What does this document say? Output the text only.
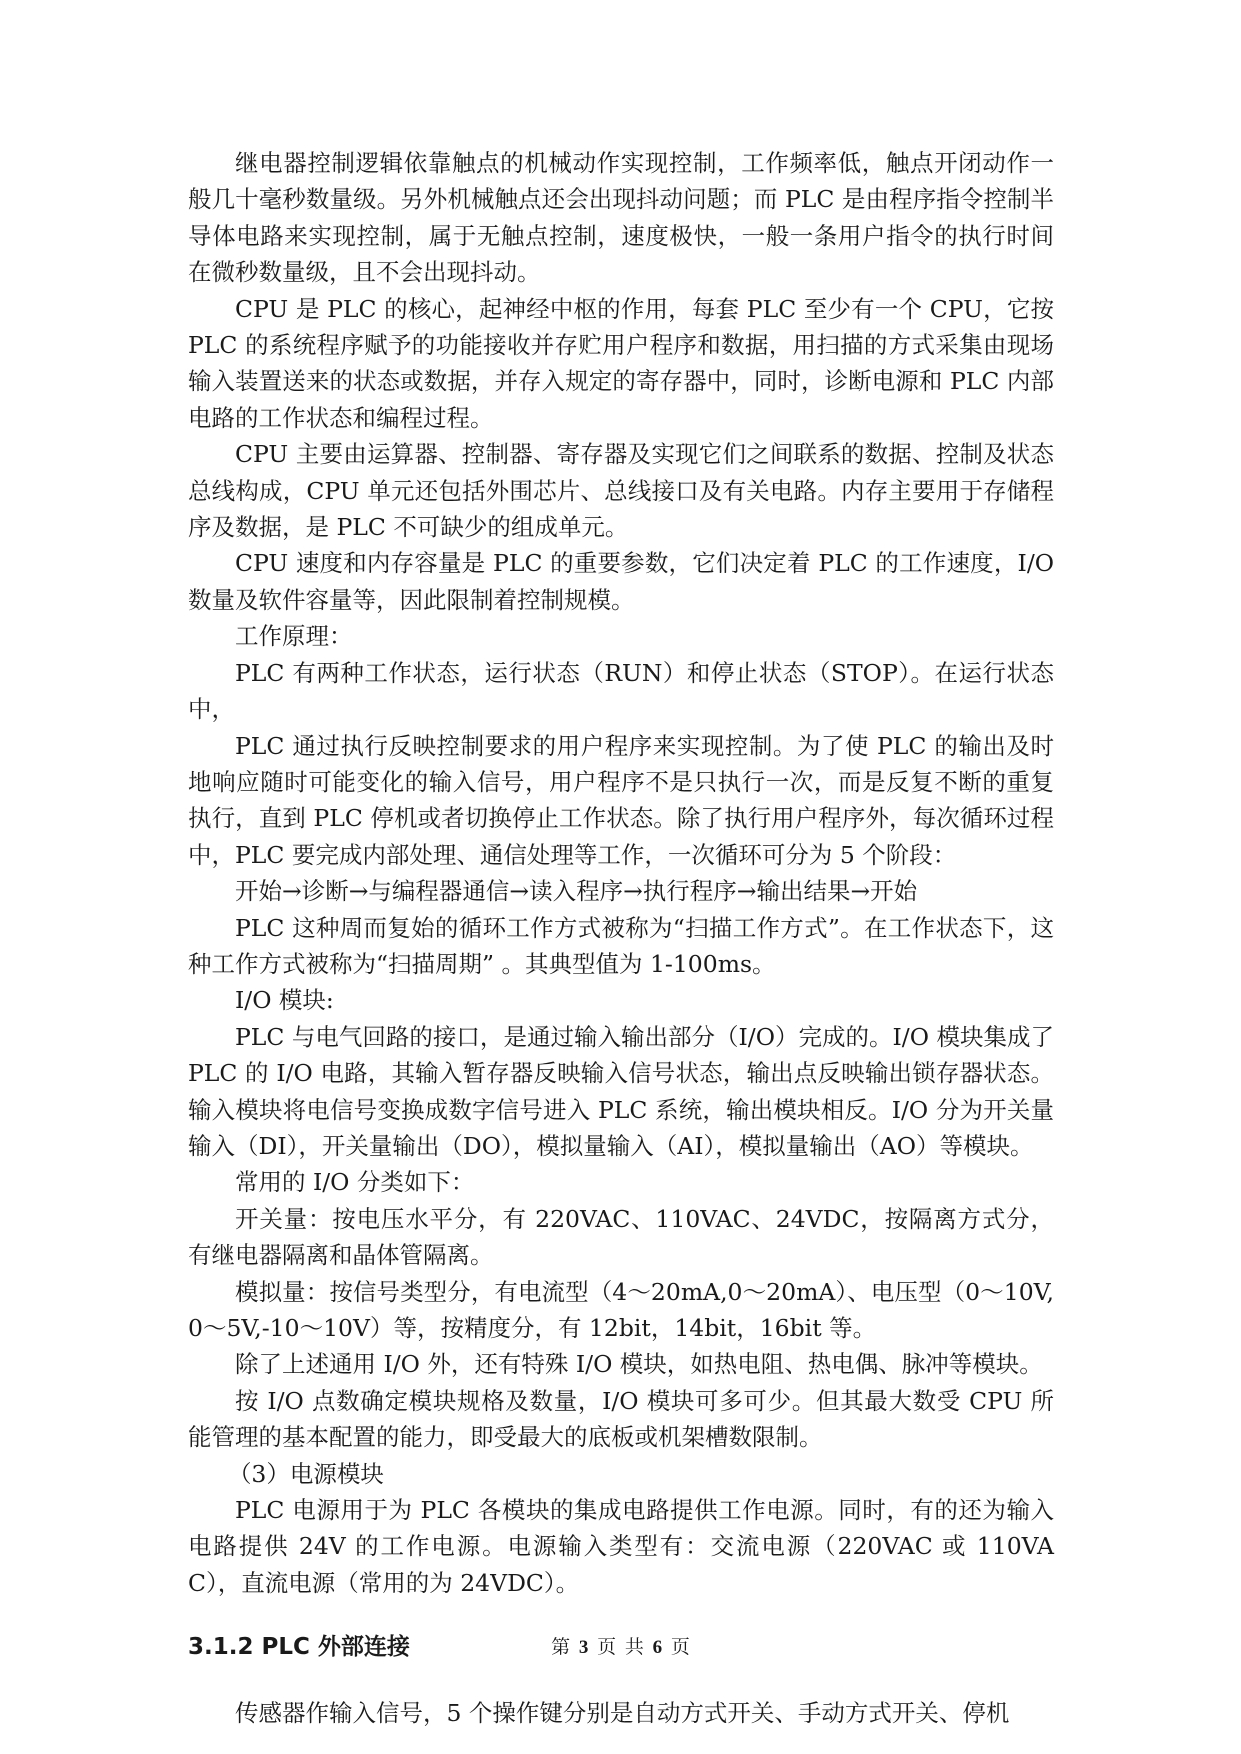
继电器控制逻辑依靠触点的机械动作实现控制，工作频率低，触点开闭动作一般几十毫秒数量级。另外机械触点还会出现抖动问题；而 PLC 是由程序指令控制半导体电路来实现控制，属于无触点控制，速度极快，一般一条用户指令的执行时间在微秒数量级，且不会出现抖动。

CPU 是 PLC 的核心，起神经中枢的作用，每套 PLC 至少有一个 CPU，它按 PLC 的系统程序赋予的功能接收并存贮用户程序和数据，用扫描的方式采集由现场输入装置送来的状态或数据，并存入规定的寄存器中，同时，诊断电源和 PLC 内部电路的工作状态和编程过程。

CPU 主要由运算器、控制器、寄存器及实现它们之间联系的数据、控制及状态总线构成，CPU 单元还包括外围芯片、总线接口及有关电路。内存主要用于存储程序及数据，是 PLC 不可缺少的组成单元。

CPU 速度和内存容量是 PLC 的重要参数，它们决定着 PLC 的工作速度，I/O 数量及软件容量等，因此限制着控制规模。

工作原理：

PLC 有两种工作状态，运行状态（RUN）和停止状态（STOP）。在运行状态中，

PLC 通过执行反映控制要求的用户程序来实现控制。为了使 PLC 的输出及时地响应随时可能变化的输入信号，用户程序不是只执行一次，而是反复不断的重复执行，直到 PLC 停机或者切换停止工作状态。除了执行用户程序外，每次循环过程中，PLC 要完成内部处理、通信处理等工作，一次循环可分为 5 个阶段：

开始→诊断→与编程器通信→读入程序→执行程序→输出结果→开始

PLC 这种周而复始的循环工作方式被称为“扫描工作方式”。在工作状态下，这种工作方式被称为“扫描周期” 。其典型值为 1-100ms。

I/O 模块:

PLC 与电气回路的接口，是通过输入输出部分（I/O）完成的。I/O 模块集成了 PLC 的 I/O 电路，其输入暂存器反映输入信号状态，输出点反映输出锁存器状态。输入模块将电信号变换成数字信号进入 PLC 系统，输出模块相反。I/O 分为开关量输入（DI），开关量输出（DO），模拟量输入（AI），模拟量输出（AO）等模块。

常用的 I/O 分类如下：

开关量：按电压水平分，有 220VAC、110VAC、24VDC，按隔离方式分，有继电器隔离和晶体管隔离。

模拟量：按信号类型分，有电流型（4～20mA,0～20mA）、电压型（0～10V,0～5V,-10～10V）等，按精度分，有 12bit，14bit，16bit 等。

除了上述通用 I/O 外，还有特殊 I/O 模块，如热电阻、热电偶、脉冲等模块。

按 I/O 点数确定模块规格及数量，I/O 模块可多可少。但其最大数受 CPU 所能管理的基本配置的能力，即受最大的底板或机架槽数限制。

（3）电源模块

PLC 电源用于为 PLC 各模块的集成电路提供工作电源。同时，有的还为输入电路提供 24V 的工作电源。电源输入类型有：交流电源（220VAC 或 110VAC），直流电源（常用的为 24VDC）。

3.1.2 PLC 外部连接

传感器作输入信号，5 个操作键分别是自动方式开关、手动方式开关、停机

第 3 页 共 6 页
